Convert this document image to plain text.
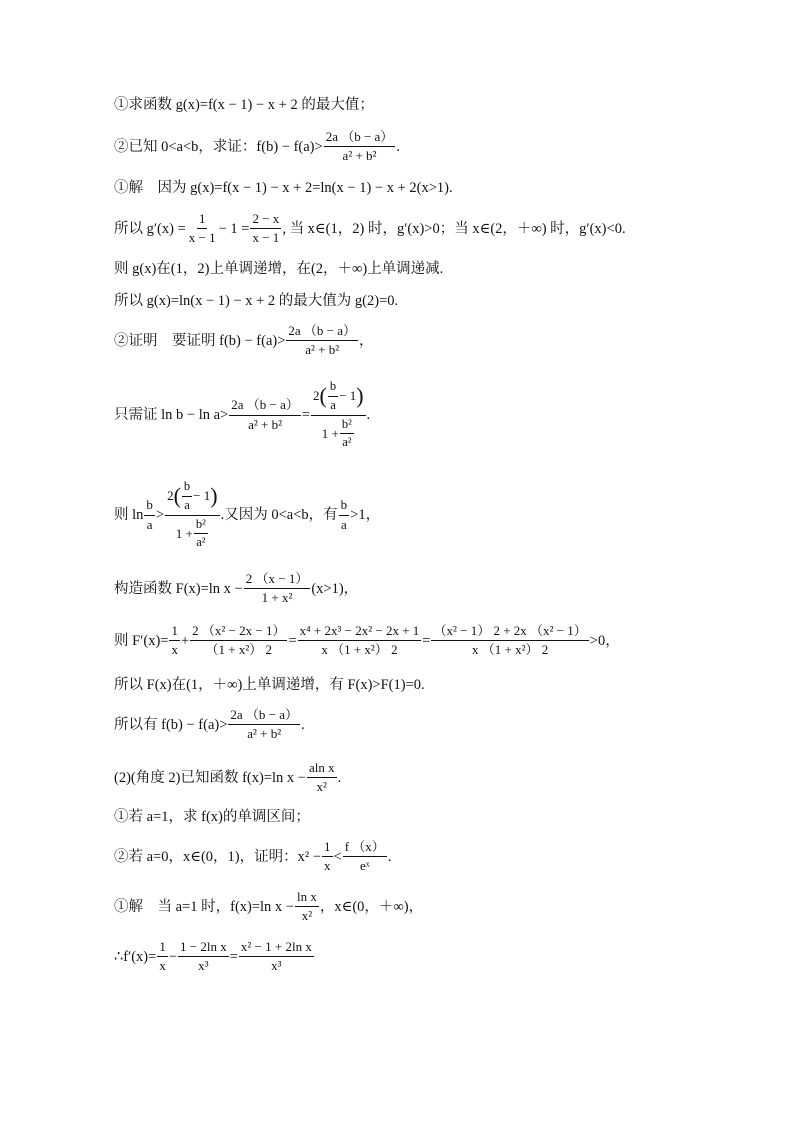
①求函数 g(x)=f(x − 1) − x + 2 的最大值；
②已知 0<a<b，求证：$f(b) - f(a)> \frac{2a (b - a)}{\text{a² + b²}}$ .
①解　因为 g(x)=f(x − 1) − x + 2=ln(x − 1) − x + 2(x>1).
所以 $g'(x) = \frac{1}{x - 1} - 1 = \frac{2 - x}{x - 1}$ , 当 x∈(1，2) 时，g′(x)>0；当 x∈(2，＋∞) 时，g′(x)<0.
则 g(x)在(1，2)上单调递增，在(2，＋∞)上单调递减.
所以 g(x)=ln(x − 1) − x + 2 的最大值为 g(2)=0.
②证明　要证明 $f(b) - f(a)> \frac{2a (b - a)}{\text{a² + b²}}$ ，
只需证 $\ln b - \ln a> \frac{2a (b - a)}{\text{a² + b²}}$ =
2 ( $\frac{b}{a} - 1$ )
$1 + \frac{\text{b²}}{\text{a²}}$
.
则 $\ln \frac{b}{a}$ >
2 ( $\frac{b}{a} - 1$ )
$1 + \frac{\text{b²}}{\text{a²}}$
.又因为 0<a<b，有 $\frac{b}{a} >1$，
构造函数 F(x)=ln $x - \frac{2 (x - 1)}{\text{1 + x²}} (x>1)$，
则 $F'(x)= \frac{1}{x} + \frac{\text{2 （x² − 2x − 1）}}{\text{（1 + x²） 2}} = \frac{\text{x⁴ + 2x³ − 2x² − 2x + 1}}{\text{x （1 + x²） 2}} = \frac{\text{（x² − 1） 2 + 2x （x² − 1）}}{\text{x （1 + x²） 2}} >0$，
所以 F(x)在(1，＋∞)上单调递增，有 F(x)>F(1)=0.
所以有 $f(b) - f(a)> \frac{2a (b - a)}{\text{a² + b²}}$ .
(2)(角度 2)已知函数 f(x)=ln $x - \frac{\text{aln x}}{\text{x²}}$ .
①若 a=1，求 f(x)的单调区间；
②若 a=0，x∈(0，1)，证明：$x^2 - \frac{1}{x} < \frac{f (x)}{\text{eˣ}}$ .
①解　当 a=1 时，f(x)=ln $x - \frac{\text{ln x}}{\text{x²}}$ ，x∈(0，＋∞)，
∴f′(x)= $\frac{1}{x} - \frac{\text{1 − 2ln x}}{\text{x³}} = \frac{\text{x² − 1 + 2ln x}}{\text{x³}}$
